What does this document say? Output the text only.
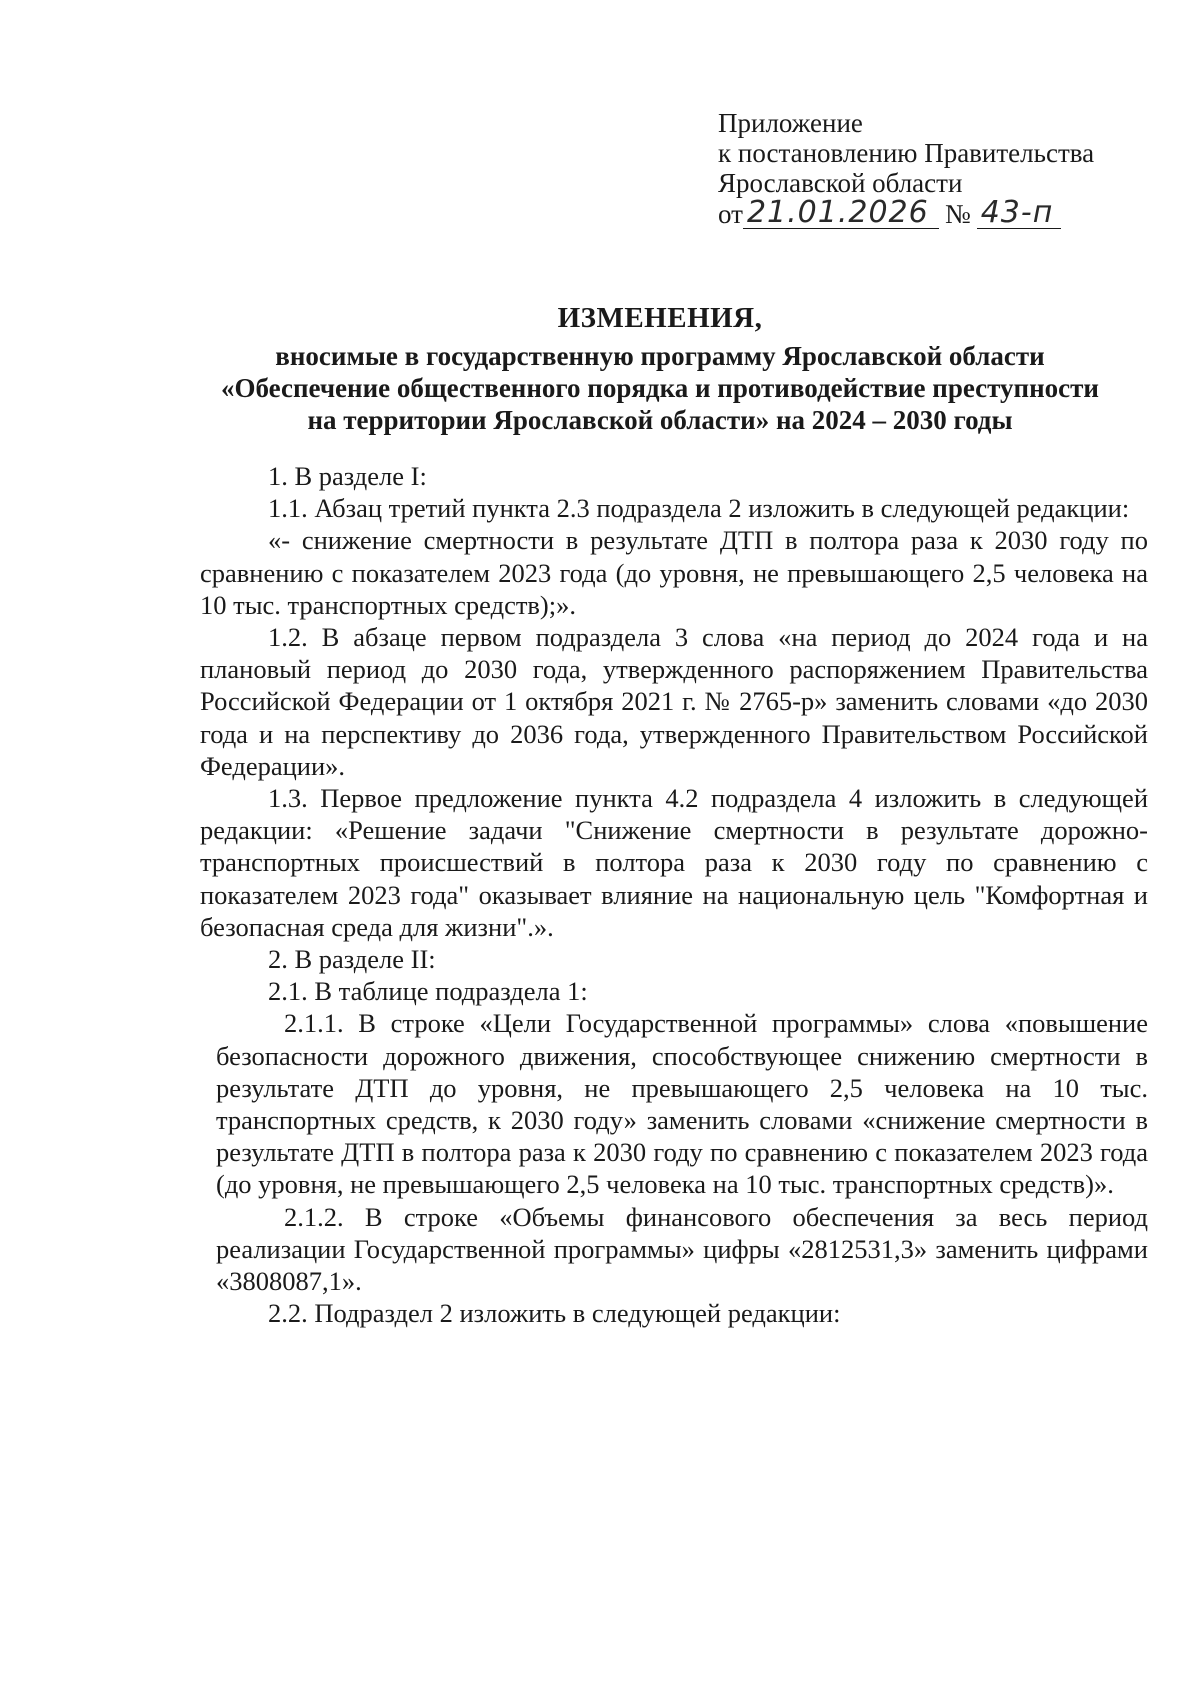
Приложение
к постановлению Правительства
Ярославской области
от 21.01.2026 № 43-п
ИЗМЕНЕНИЯ,
вносимые в государственную программу Ярославской области
«Обеспечение общественного порядка и противодействие преступности
на территории Ярославской области» на 2024 – 2030 годы

1. В разделе I:

1.1. Абзац третий пункта 2.3 подраздела 2 изложить в следующей редакции:

«- снижение смертности в результате ДТП в полтора раза к 2030 году по сравнению с показателем 2023 года (до уровня, не превышающего 2,5 человека на 10 тыс. транспортных средств);».

1.2. В абзаце первом подраздела 3 слова «на период до 2024 года и на плановый период до 2030 года, утвержденного распоряжением Правительства Российской Федерации от 1 октября 2021 г. № 2765-р» заменить словами «до 2030 года и на перспективу до 2036 года, утвержденного Правительством Российской Федерации».

1.3. Первое предложение пункта 4.2 подраздела 4 изложить в следующей редакции: «Решение задачи "Снижение смертности в результате дорожно-транспортных происшествий в полтора раза к 2030 году по сравнению с показателем 2023 года" оказывает влияние на национальную цель "Комфортная и безопасная среда для жизни".».

2. В разделе II:

2.1. В таблице подраздела 1:

2.1.1. В строке «Цели Государственной программы» слова «повышение безопасности дорожного движения, способствующее снижению смертности в результате ДТП до уровня, не превышающего 2,5 человека на 10 тыс. транспортных средств, к 2030 году» заменить словами «снижение смертности в результате ДТП в полтора раза к 2030 году по сравнению с показателем 2023 года (до уровня, не превышающего 2,5 человека на 10 тыс. транспортных средств)».

2.1.2. В строке «Объемы финансового обеспечения за весь период реализации Государственной программы» цифры «2812531,3» заменить цифрами «3808087,1».

2.2. Подраздел 2 изложить в следующей редакции:
